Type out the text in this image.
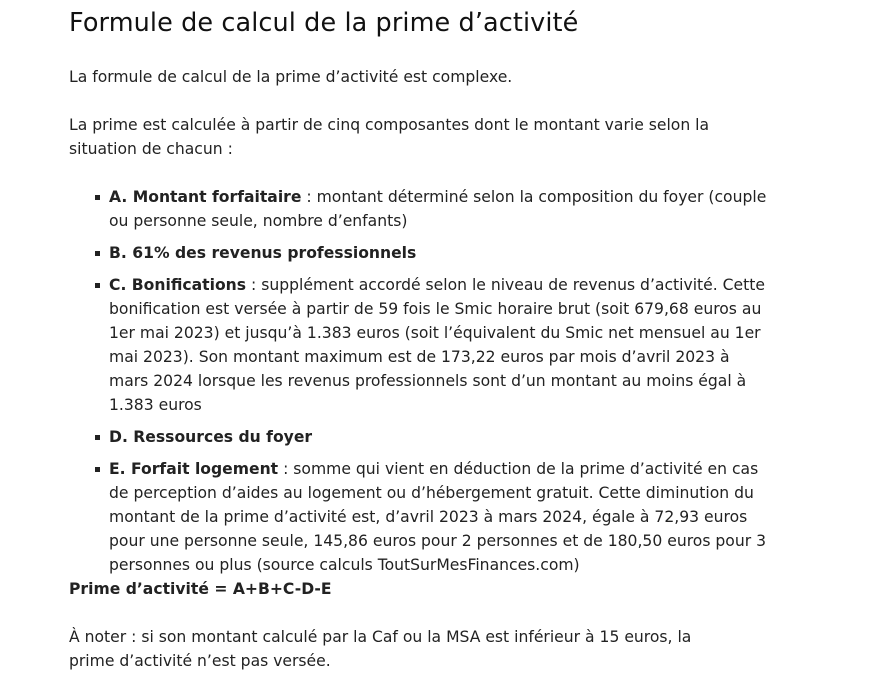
Formule de calcul de la prime d’activité

La formule de calcul de la prime d’activité est complexe.

La prime est calculée à partir de cinq composantes dont le montant varie selon la situation de chacun :

A. Montant forfaitaire : montant déterminé selon la composition du foyer (couple ou personne seule, nombre d’enfants)
B. 61% des revenus professionnels
C. Bonifications : supplément accordé selon le niveau de revenus d’activité. Cette bonification est versée à partir de 59 fois le Smic horaire brut (soit 679,68 euros au 1er mai 2023) et jusqu’à 1.383 euros (soit l’équivalent du Smic net mensuel au 1er mai 2023). Son montant maximum est de 173,22 euros par mois d’avril 2023 à mars 2024 lorsque les revenus professionnels sont d’un montant au moins égal à 1.383 euros
D. Ressources du foyer
E. Forfait logement : somme qui vient en déduction de la prime d’activité en cas de perception d’aides au logement ou d’hébergement gratuit. Cette diminution du montant de la prime d’activité est, d’avril 2023 à mars 2024, égale à 72,93 euros pour une personne seule, 145,86 euros pour 2 personnes et de 180,50 euros pour 3 personnes ou plus (source calculs ToutSurMesFinances.com)

Prime d’activité = A+B+C-D-E

À noter : si son montant calculé par la Caf ou la MSA est inférieur à 15 euros, la prime d’activité n’est pas versée.
